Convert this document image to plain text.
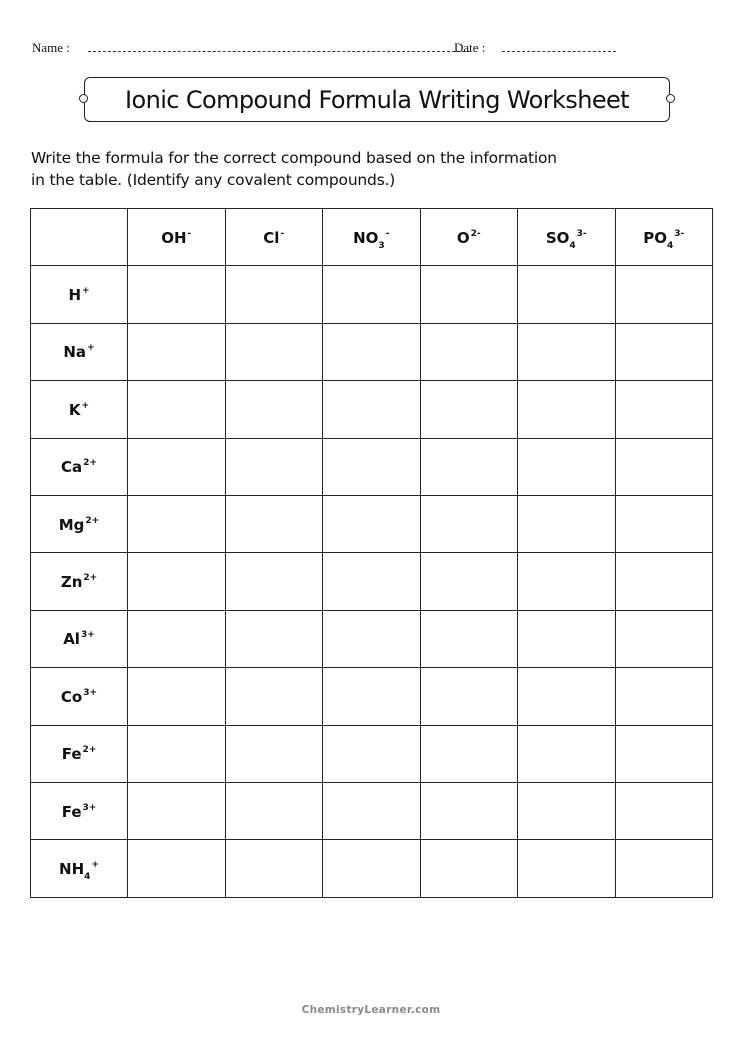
Name :	Date :
Ionic Compound Formula Writing Worksheet
Write the formula for the correct compound based on the information
in the table. (Identify any covalent compounds.)
	OH-	Cl-	$NO_3^-$	$O^{2-}$	$SO_4^{3-}$	$PO_4^{3-}$
H+						
Na+						
K+						
$Ca^{2+}$						
$Mg^{2+}$						
$Zn^{2+}$						
$Al^{3+}$						
$Co^{3+}$						
$Fe^{2+}$						
$Fe^{3+}$						
$NH_4^+$						
ChemistryLearner.com
